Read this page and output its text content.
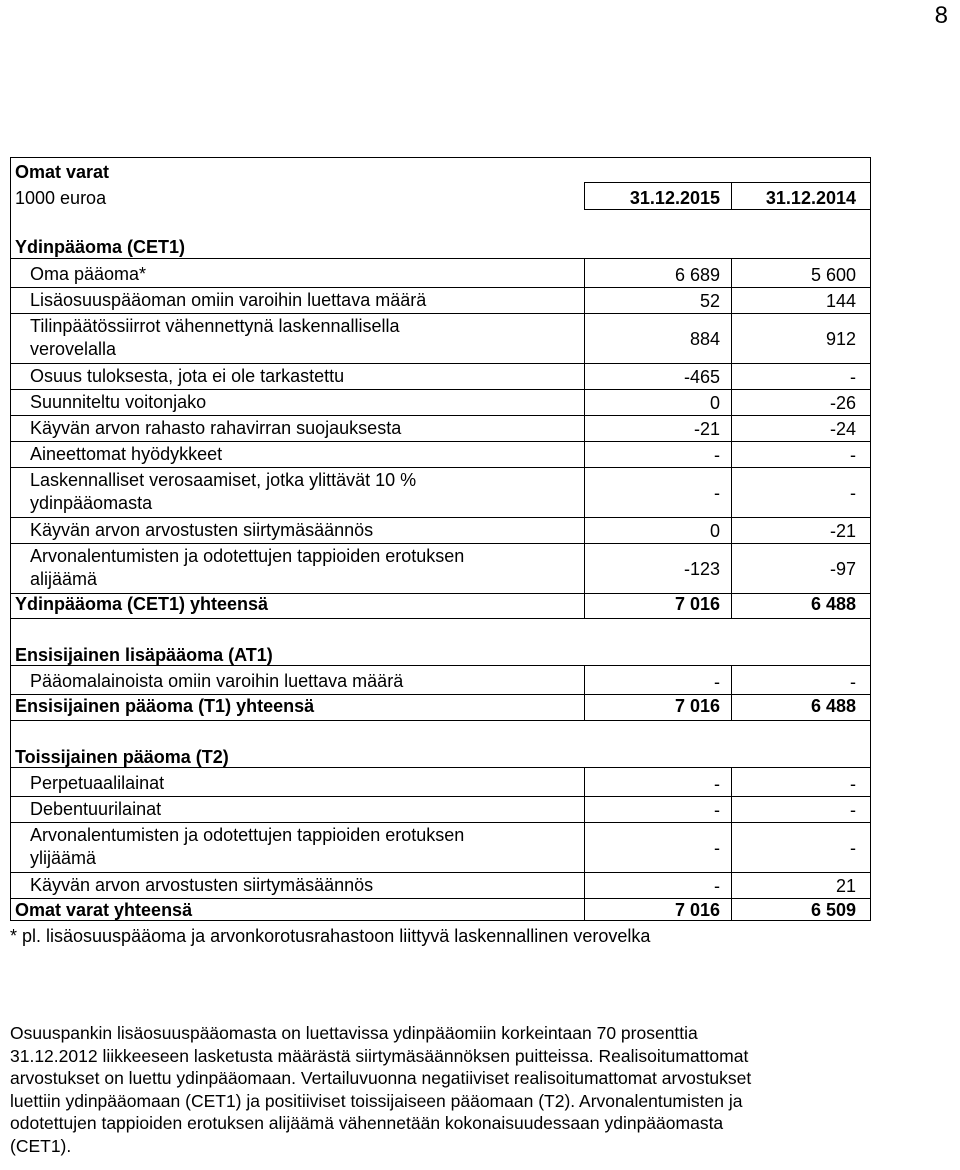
8
Omat varat
1000 euroa	31.12.2015	31.12.2014
Ydinpääoma (CET1)
Oma pääoma*	6 689	5 600
Lisäosuuspääoman omiin varoihin luettava määrä	52	144
Tilinpäätössiirrot vähennettynä laskennallisella
verovelalla	884	912
Osuus tuloksesta, jota ei ole tarkastettu	-465	-
Suunniteltu voitonjako	0	-26
Käyvän arvon rahasto rahavirran suojauksesta	-21	-24
Aineettomat hyödykkeet	-	-
Laskennalliset verosaamiset, jotka ylittävät 10 %
ydinpääomasta	-	-
Käyvän arvon arvostusten siirtymäsäännös	0	-21
Arvonalentumisten ja odotettujen tappioiden erotuksen
alijäämä	-123	-97
Ydinpääoma (CET1) yhteensä	7 016	6 488
Ensisijainen lisäpääoma (AT1)
Pääomalainoista omiin varoihin luettava määrä	-	-
Ensisijainen pääoma (T1) yhteensä	7 016	6 488
Toissijainen pääoma (T2)
Perpetuaalilainat	-	-
Debentuurilainat	-	-
Arvonalentumisten ja odotettujen tappioiden erotuksen
ylijäämä	-	-
Käyvän arvon arvostusten siirtymäsäännös	-	21
Omat varat yhteensä	7 016	6 509
* pl. lisäosuuspääoma ja arvonkorotusrahastoon liittyvä laskennallinen verovelka
Osuuspankin lisäosuuspääomasta on luettavissa ydinpääomiin korkeintaan 70 prosenttia
31.12.2012 liikkeeseen lasketusta määrästä siirtymäsäännöksen puitteissa. Realisoitumattomat
arvostukset on luettu ydinpääomaan. Vertailuvuonna negatiiviset realisoitumattomat arvostukset
luettiin ydinpääomaan (CET1) ja positiiviset toissijaiseen pääomaan (T2). Arvonalentumisten ja
odotettujen tappioiden erotuksen alijäämä vähennetään kokonaisuudessaan ydinpääomasta
(CET1).
